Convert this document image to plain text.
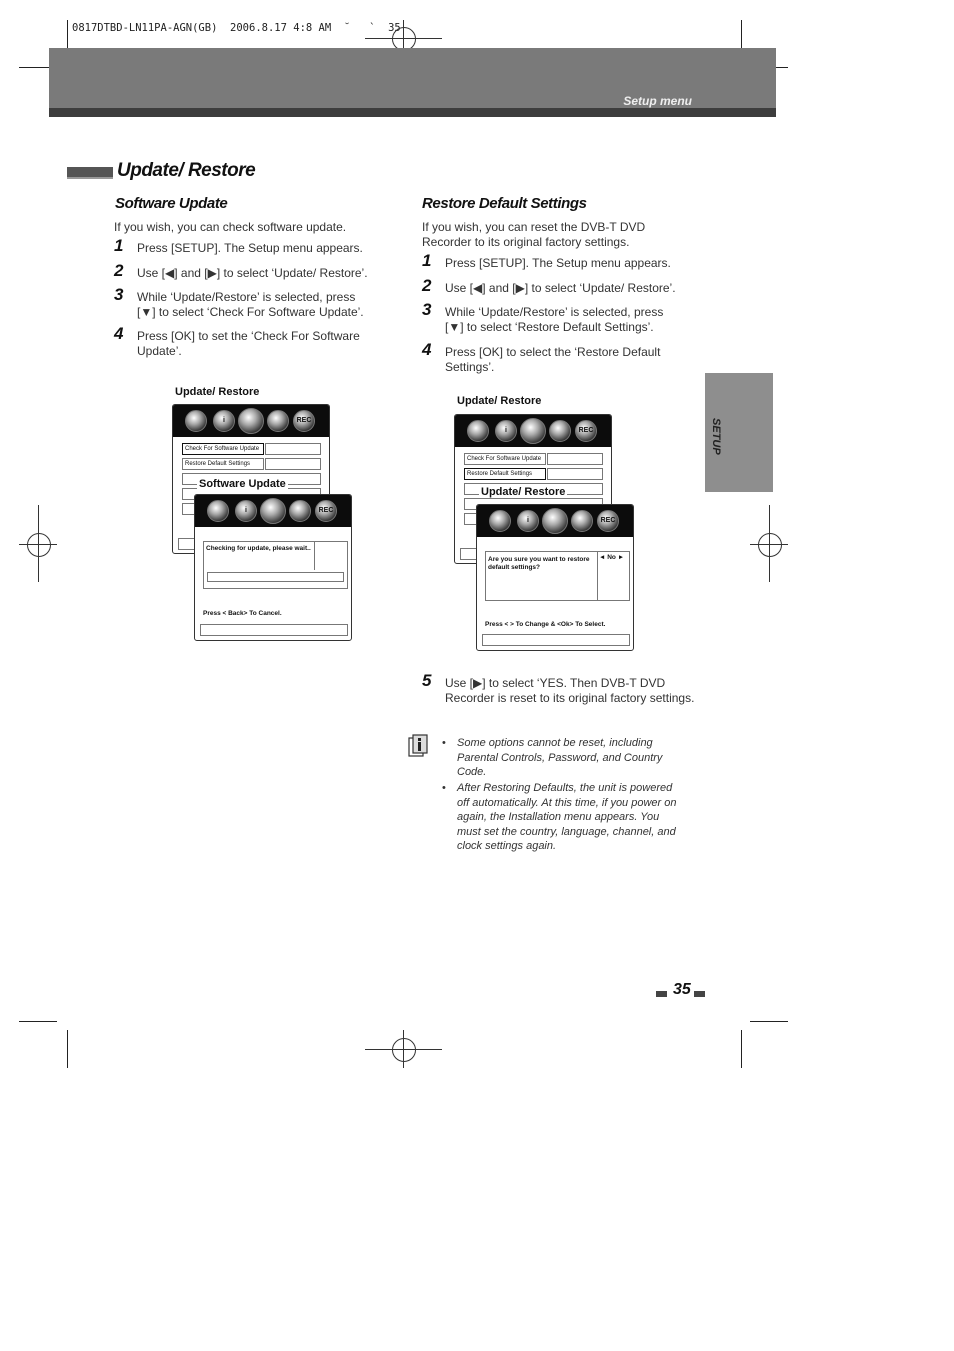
0817DTBD-LN11PA-AGN(GB)  2006.8.17 4:8 AM  ˘   `  35
Setup menu
Update/ Restore
SETUP
Software Update
If you wish, you can check software update.
1 Press [SETUP]. The Setup menu appears.
2 Use [◀] and [▶] to select ‘Update/ Restore’.
3 While ‘Update/Restore’ is selected, press [▼] to select ‘Check For Software Update’.
4 Press [OK] to set the ‘Check For Software Update’.
Update/ Restore
i	REC
Check For Software Update
Restore Default Settings
Software Update
i	REC
Checking for update, please wait..
Press < Back> To Cancel.
Restore Default Settings
If you wish, you can reset the DVB-T DVD Recorder to its original factory settings.
1 Press [SETUP]. The Setup menu appears.
2 Use [◀] and [▶] to select ‘Update/ Restore’.
3 While ‘Update/Restore’ is selected, press [▼] to select ‘Restore Default Settings’.
4 Press [OK] to select the ‘Restore Default Settings’.
Update/ Restore
i	REC
Check For Software Update
Restore Default Settings
Update/ Restore
i	REC
Are you sure you want to restore default settings?
◄ No ►
Press < > To Change & <Ok> To Select.
5 Use [▶] to select ‘YES. Then DVB-T DVD Recorder is reset to its original factory settings.
• Some options cannot be reset, including Parental Controls, Password, and Country Code.
• After Restoring Defaults, the unit is powered off automatically. At this time, if you power on again, the Installation menu appears. You must set the country, language, channel, and clock settings again.
35
